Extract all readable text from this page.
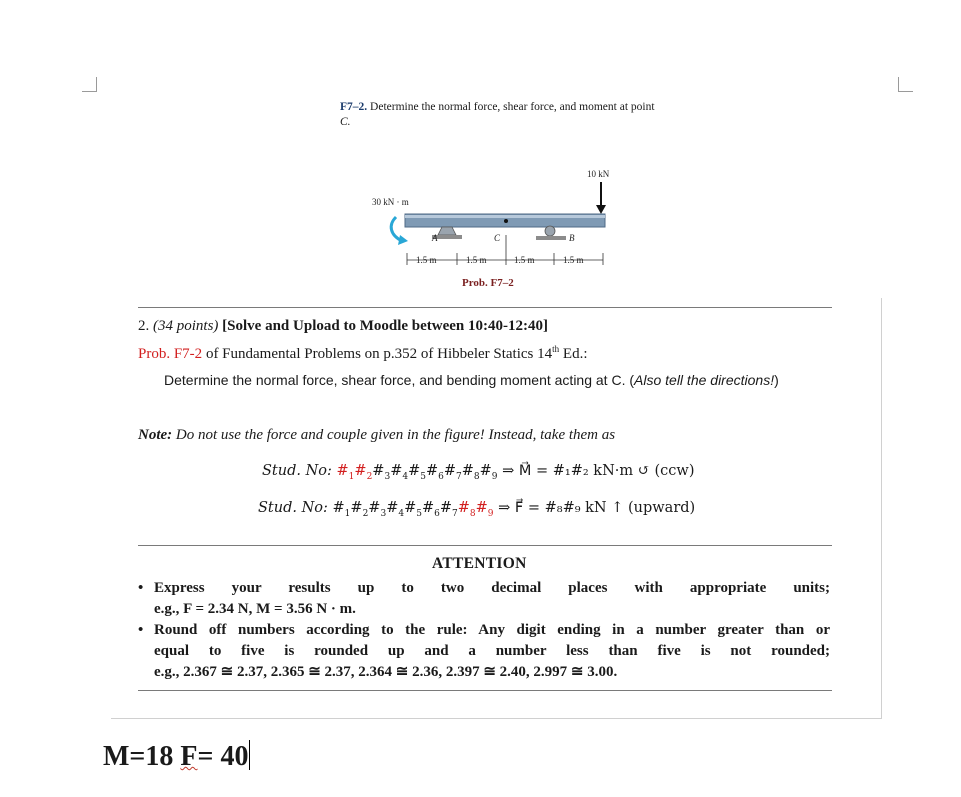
F7–2. Determine the normal force, shear force, and moment at point C.
10 kN
30 kN · m
A	C	B
1.5 m	1.5 m	1.5 m	1.5 m
Prob. F7–2
2. (34 points) [Solve and Upload to Moodle between 10:40-12:40]
Prob. F7-2 of Fundamental Problems on p.352 of Hibbeler Statics 14th Ed.:
Determine the normal force, shear force, and bending moment acting at C. (Also tell the directions!)
Note: Do not use the force and couple given in the figure! Instead, take them as
Stud. No: $\#_1\#_2\#_3\#_4\#_5\#_6\#_7\#_8\#_9$ ⇒ M⃗ = #₁#₂ kN·m ↺ (ccw)
Stud. No: $\#_1\#_2\#_3\#_4\#_5\#_6\#_7\#_8\#_9$ ⇒ F⃗ = #₈#₉ kN ↑ (upward)
ATTENTION
• Express your results up to two decimal places with appropriate units;
e.g., F = 2.34 N, M = 3.56 N · m.
• Round off numbers according to the rule: Any digit ending in a number greater than or
equal to five is rounded up and a number less than five is not rounded;
e.g., 2.367 ≅ 2.37, 2.365 ≅ 2.37, 2.364 ≅ 2.36, 2.397 ≅ 2.40, 2.997 ≅ 3.00.
M=18 F= 40
